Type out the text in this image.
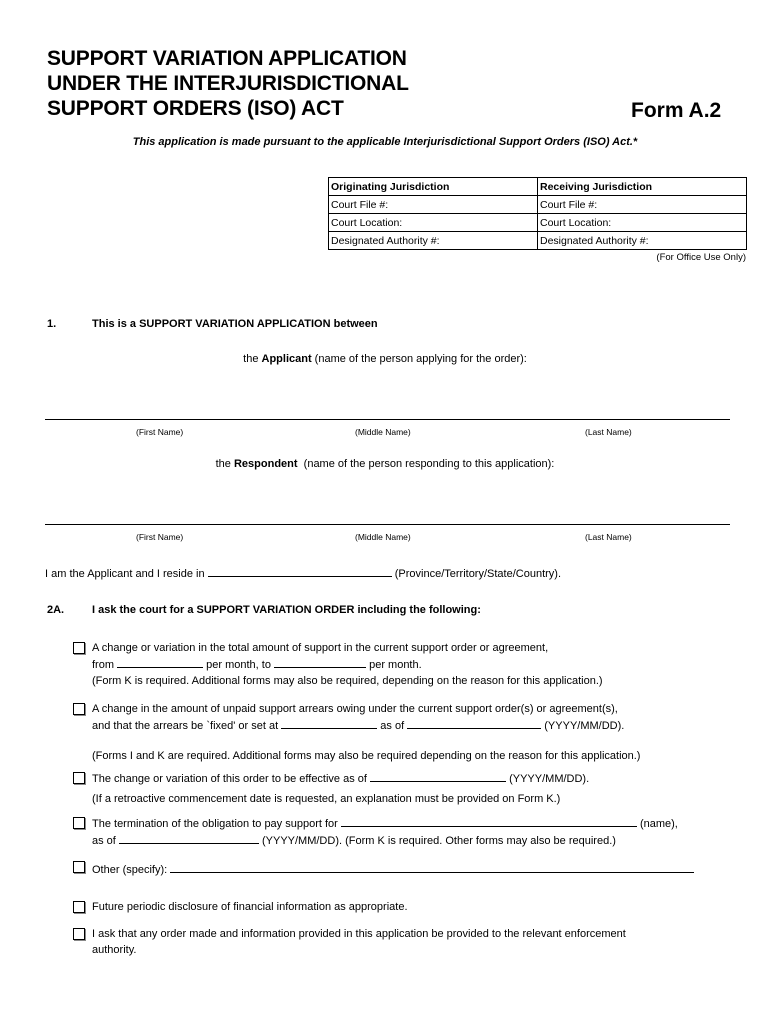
SUPPORT VARIATION APPLICATION
UNDER THE INTERJURISDICTIONAL
SUPPORT ORDERS (ISO) ACT	Form A.2
This application is made pursuant to the applicable Interjurisdictional Support Orders (ISO) Act.*
Originating Jurisdiction	Receiving Jurisdiction
Court File #:	Court File #:
Court Location:	Court Location:
Designated Authority #:	Designated Authority #:
(For Office Use Only)
1.	This is a SUPPORT VARIATION APPLICATION between
the Applicant (name of the person applying for the order):
(First Name)	(Middle Name)	(Last Name)
the Respondent  (name of the person responding to this application):
(First Name)	(Middle Name)	(Last Name)
I am the Applicant and I reside in	(Province/Territory/State/Country).
2A.	I ask the court for a SUPPORT VARIATION ORDER including the following:
A change or variation in the total amount of support in the current support order or agreement,
from	per month, to	per month.
(Form K is required. Additional forms may also be required, depending on the reason for this application.)
A change in the amount of unpaid support arrears owing under the current support order(s) or agreement(s),
and that the arrears be `fixed' or set at	as of	(YYYY/MM/DD).
(Forms I and K are required. Additional forms may also be required depending on the reason for this application.)
The change or variation of this order to be effective as of	(YYYY/MM/DD).
(If a retroactive commencement date is requested, an explanation must be provided on Form K.)
The termination of the obligation to pay support for	(name),
as of	(YYYY/MM/DD). (Form K is required. Other forms may also be required.)
Other (specify):
Future periodic disclosure of financial information as appropriate.
I ask that any order made and information provided in this application be provided to the relevant enforcement
authority.
